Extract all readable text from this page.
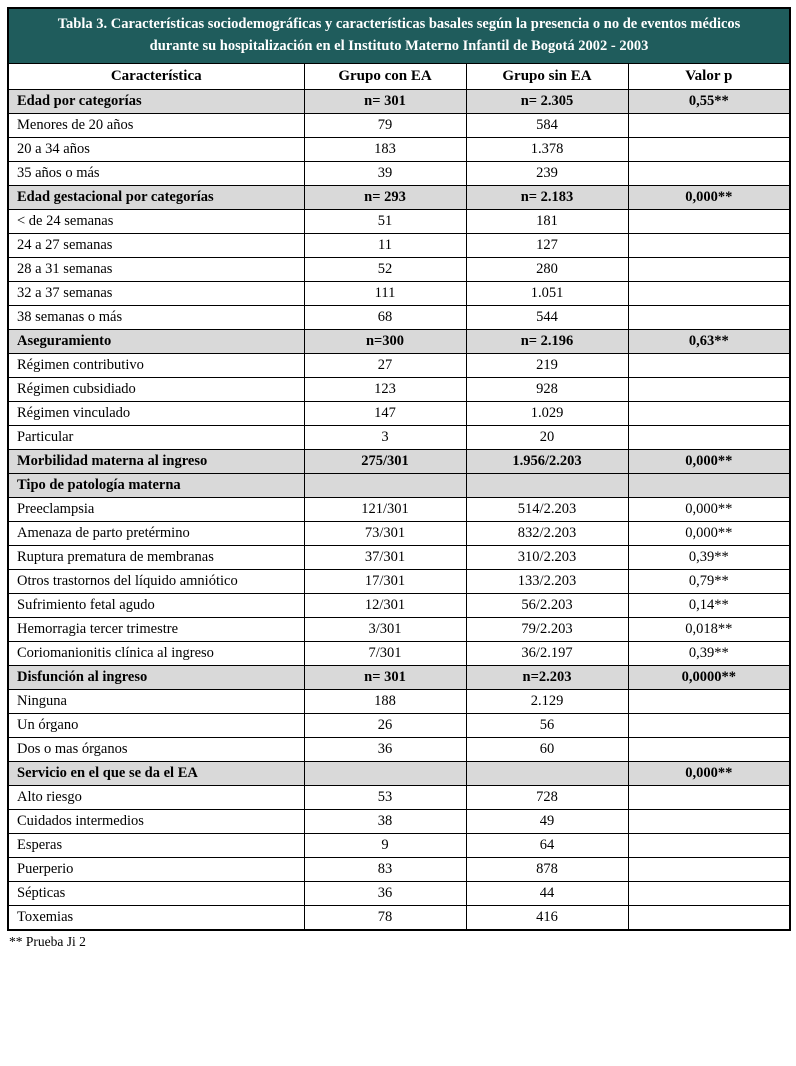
Tabla 3. Características sociodemográficas y características basales según la presencia o no de eventos médicos durante su hospitalización en el Instituto Materno Infantil de Bogotá 2002 - 2003			
Característica	Grupo con EA	Grupo sin EA	Valor p
Edad por categorías	n= 301	n= 2.305	0,55**
Menores de 20 años	79	584	
20 a 34 años	183	1.378	
35 años o más	39	239	
Edad gestacional por categorías	n= 293	n= 2.183	0,000**
< de 24 semanas	51	181	
24 a 27 semanas	11	127	
28 a 31 semanas	52	280	
32 a 37 semanas	111	1.051	
38 semanas o más	68	544	
Aseguramiento	n=300	n= 2.196	0,63**
Régimen contributivo	27	219	
Régimen cubsidiado	123	928	
Régimen vinculado	147	1.029	
Particular	3	20	
Morbilidad materna al ingreso	275/301	1.956/2.203	0,000**
Tipo de patología materna			
Preeclampsia	121/301	514/2.203	0,000**
Amenaza de parto pretérmino	73/301	832/2.203	0,000**
Ruptura prematura de membranas	37/301	310/2.203	0,39**
Otros trastornos del líquido amniótico	17/301	133/2.203	0,79**
Sufrimiento fetal agudo	12/301	56/2.203	0,14**
Hemorragia tercer trimestre	3/301	79/2.203	0,018**
Coriomanionitis clínica al ingreso	7/301	36/2.197	0,39**
Disfunción al ingreso	n= 301	n=2.203	0,0000**
Ninguna	188	2.129	
Un órgano	26	56	
Dos o mas órganos	36	60	
Servicio en el que se da el EA			0,000**
Alto riesgo	53	728	
Cuidados intermedios	38	49	
Esperas	9	64	
Puerperio	83	878	
Sépticas	36	44	
Toxemias	78	416	
** Prueba Ji 2
